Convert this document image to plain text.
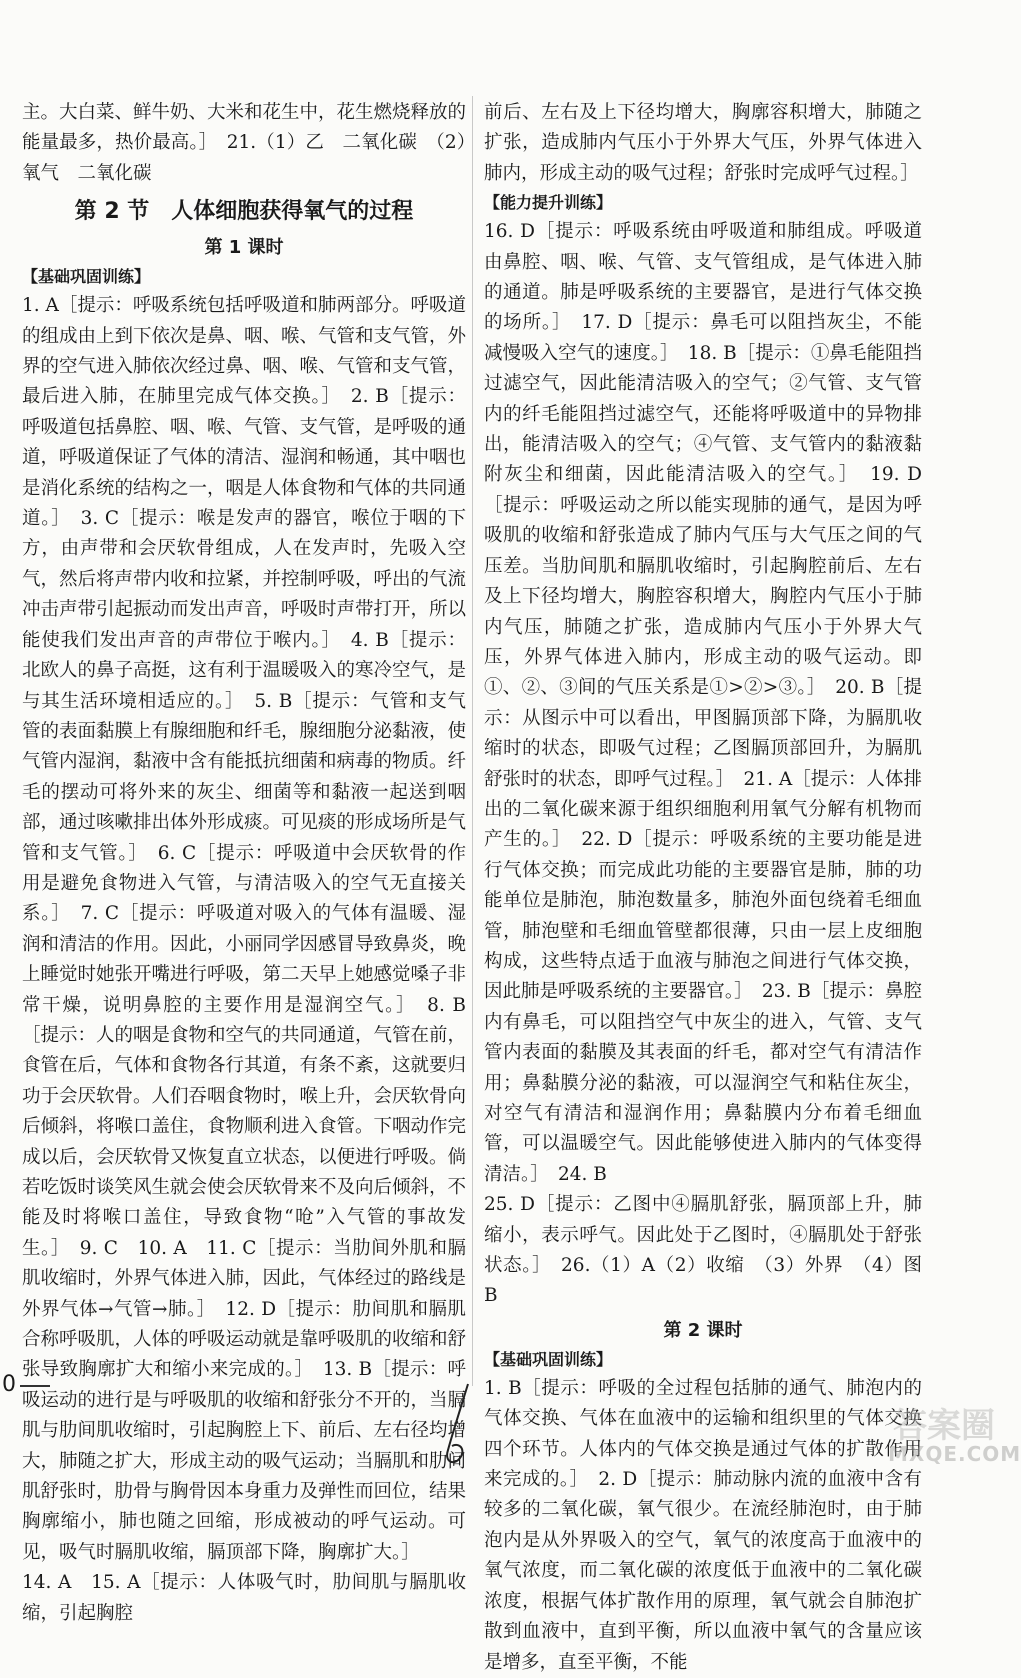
主。大白菜、鲜牛奶、大米和花生中，花生燃烧释放的能量最多，热价最高。］　21.（1）乙　二氧化碳　（2）氧气　二氧化碳

第 2 节　人体细胞获得氧气的过程
第 1 课时
【基础巩固训练】

1. A［提示：呼吸系统包括呼吸道和肺两部分。呼吸道的组成由上到下依次是鼻、咽、喉、气管和支气管，外界的空气进入肺依次经过鼻、咽、喉、气管和支气管，最后进入肺，在肺里完成气体交换。］　2. B［提示：呼吸道包括鼻腔、咽、喉、气管、支气管，是呼吸的通道，呼吸道保证了气体的清洁、湿润和畅通，其中咽也是消化系统的结构之一，咽是人体食物和气体的共同通道。］　3. C［提示：喉是发声的器官，喉位于咽的下方，由声带和会厌软骨组成，人在发声时，先吸入空气，然后将声带内收和拉紧，并控制呼吸，呼出的气流冲击声带引起振动而发出声音，呼吸时声带打开，所以能使我们发出声音的声带位于喉内。］　4. B［提示：北欧人的鼻子高挺，这有利于温暖吸入的寒冷空气，是与其生活环境相适应的。］　5. B［提示：气管和支气管的表面黏膜上有腺细胞和纤毛，腺细胞分泌黏液，使气管内湿润，黏液中含有能抵抗细菌和病毒的物质。纤毛的摆动可将外来的灰尘、细菌等和黏液一起送到咽部，通过咳嗽排出体外形成痰。可见痰的形成场所是气管和支气管。］　6. C［提示：呼吸道中会厌软骨的作用是避免食物进入气管，与清洁吸入的空气无直接关系。］　7. C［提示：呼吸道对吸入的气体有温暖、湿润和清洁的作用。因此，小丽同学因感冒导致鼻炎，晚上睡觉时她张开嘴进行呼吸，第二天早上她感觉嗓子非常干燥，说明鼻腔的主要作用是湿润空气。］　8. B［提示：人的咽是食物和空气的共同通道，气管在前，食管在后，气体和食物各行其道，有条不紊，这就要归功于会厌软骨。人们吞咽食物时，喉上升，会厌软骨向后倾斜，将喉口盖住，食物顺利进入食管。下咽动作完成以后，会厌软骨又恢复直立状态，以便进行呼吸。倘若吃饭时谈笑风生就会使会厌软骨来不及向后倾斜，不能及时将喉口盖住，导致食物“呛”入气管的事故发生。］　9. C　10. A　11. C［提示：当肋间外肌和膈肌收缩时，外界气体进入肺，因此，气体经过的路线是外界气体→气管→肺。］　12. D［提示：肋间肌和膈肌合称呼吸肌，人体的呼吸运动就是靠呼吸肌的收缩和舒张导致胸廓扩大和缩小来完成的。］　13. B［提示：呼吸运动的进行是与呼吸肌的收缩和舒张分不开的，当膈肌与肋间肌收缩时，引起胸腔上下、前后、左右径均增大，肺随之扩大，形成主动的吸气运动；当膈肌和肋间肌舒张时，肋骨与胸骨因本身重力及弹性而回位，结果胸廓缩小，肺也随之回缩，形成被动的呼气运动。可见，吸气时膈肌收缩，膈顶部下降，胸廓扩大。］

14. A　15. A［提示：人体吸气时，肋间肌与膈肌收缩，引起胸腔

前后、左右及上下径均增大，胸廓容积增大，肺随之扩张，造成肺内气压小于外界大气压，外界气体进入肺内，形成主动的吸气过程；舒张时完成呼气过程。］

【能力提升训练】

16. D［提示：呼吸系统由呼吸道和肺组成。呼吸道由鼻腔、咽、喉、气管、支气管组成，是气体进入肺的通道。肺是呼吸系统的主要器官，是进行气体交换的场所。］　17. D［提示：鼻毛可以阻挡灰尘，不能减慢吸入空气的速度。］　18. B［提示：①鼻毛能阻挡过滤空气，因此能清洁吸入的空气；②气管、支气管内的纤毛能阻挡过滤空气，还能将呼吸道中的异物排出，能清洁吸入的空气；④气管、支气管内的黏液黏附灰尘和细菌，因此能清洁吸入的空气。］　19. D［提示：呼吸运动之所以能实现肺的通气，是因为呼吸肌的收缩和舒张造成了肺内气压与大气压之间的气压差。当肋间肌和膈肌收缩时，引起胸腔前后、左右及上下径均增大，胸腔容积增大，胸腔内气压小于肺内气压，肺随之扩张，造成肺内气压小于外界大气压，外界气体进入肺内，形成主动的吸气运动。即①、②、③间的气压关系是①>②>③。］　20. B［提示：从图示中可以看出，甲图膈顶部下降，为膈肌收缩时的状态，即吸气过程；乙图膈顶部回升，为膈肌舒张时的状态，即呼气过程。］　21. A［提示：人体排出的二氧化碳来源于组织细胞利用氧气分解有机物而产生的。］　22. D［提示：呼吸系统的主要功能是进行气体交换；而完成此功能的主要器官是肺，肺的功能单位是肺泡，肺泡数量多，肺泡外面包绕着毛细血管，肺泡壁和毛细血管壁都很薄，只由一层上皮细胞构成，这些特点适于血液与肺泡之间进行气体交换，因此肺是呼吸系统的主要器官。］　23. B［提示：鼻腔内有鼻毛，可以阻挡空气中灰尘的进入，气管、支气管内表面的黏膜及其表面的纤毛，都对空气有清洁作用；鼻黏膜分泌的黏液，可以湿润空气和粘住灰尘，对空气有清洁和湿润作用；鼻黏膜内分布着毛细血管，可以温暖空气。因此能够使进入肺内的气体变得清洁。］　24. B

25. D［提示：乙图中④膈肌舒张，膈顶部上升，肺缩小，表示呼气。因此处于乙图时，④膈肌处于舒张状态。］　26.（1）A（2）收缩　（3）外界　（4）图 B

第 2 课时
【基础巩固训练】

1. B［提示：呼吸的全过程包括肺的通气、肺泡内的气体交换、气体在血液中的运输和组织里的气体交换四个环节。人体内的气体交换是通过气体的扩散作用来完成的。］　2. D［提示：肺动脉内流的血液中含有较多的二氧化碳，氧气很少。在流经肺泡时，由于肺泡内是从外界吸入的空气，氧气的浓度高于血液中的氧气浓度，而二氧化碳的浓度低于血液中的二氧化碳浓度，根据气体扩散作用的原理，氧气就会自肺泡扩散到血液中，直到平衡，所以血液中氧气的含量应该是增多，直至平衡，不能

0
答案圈
MXQE.COM
